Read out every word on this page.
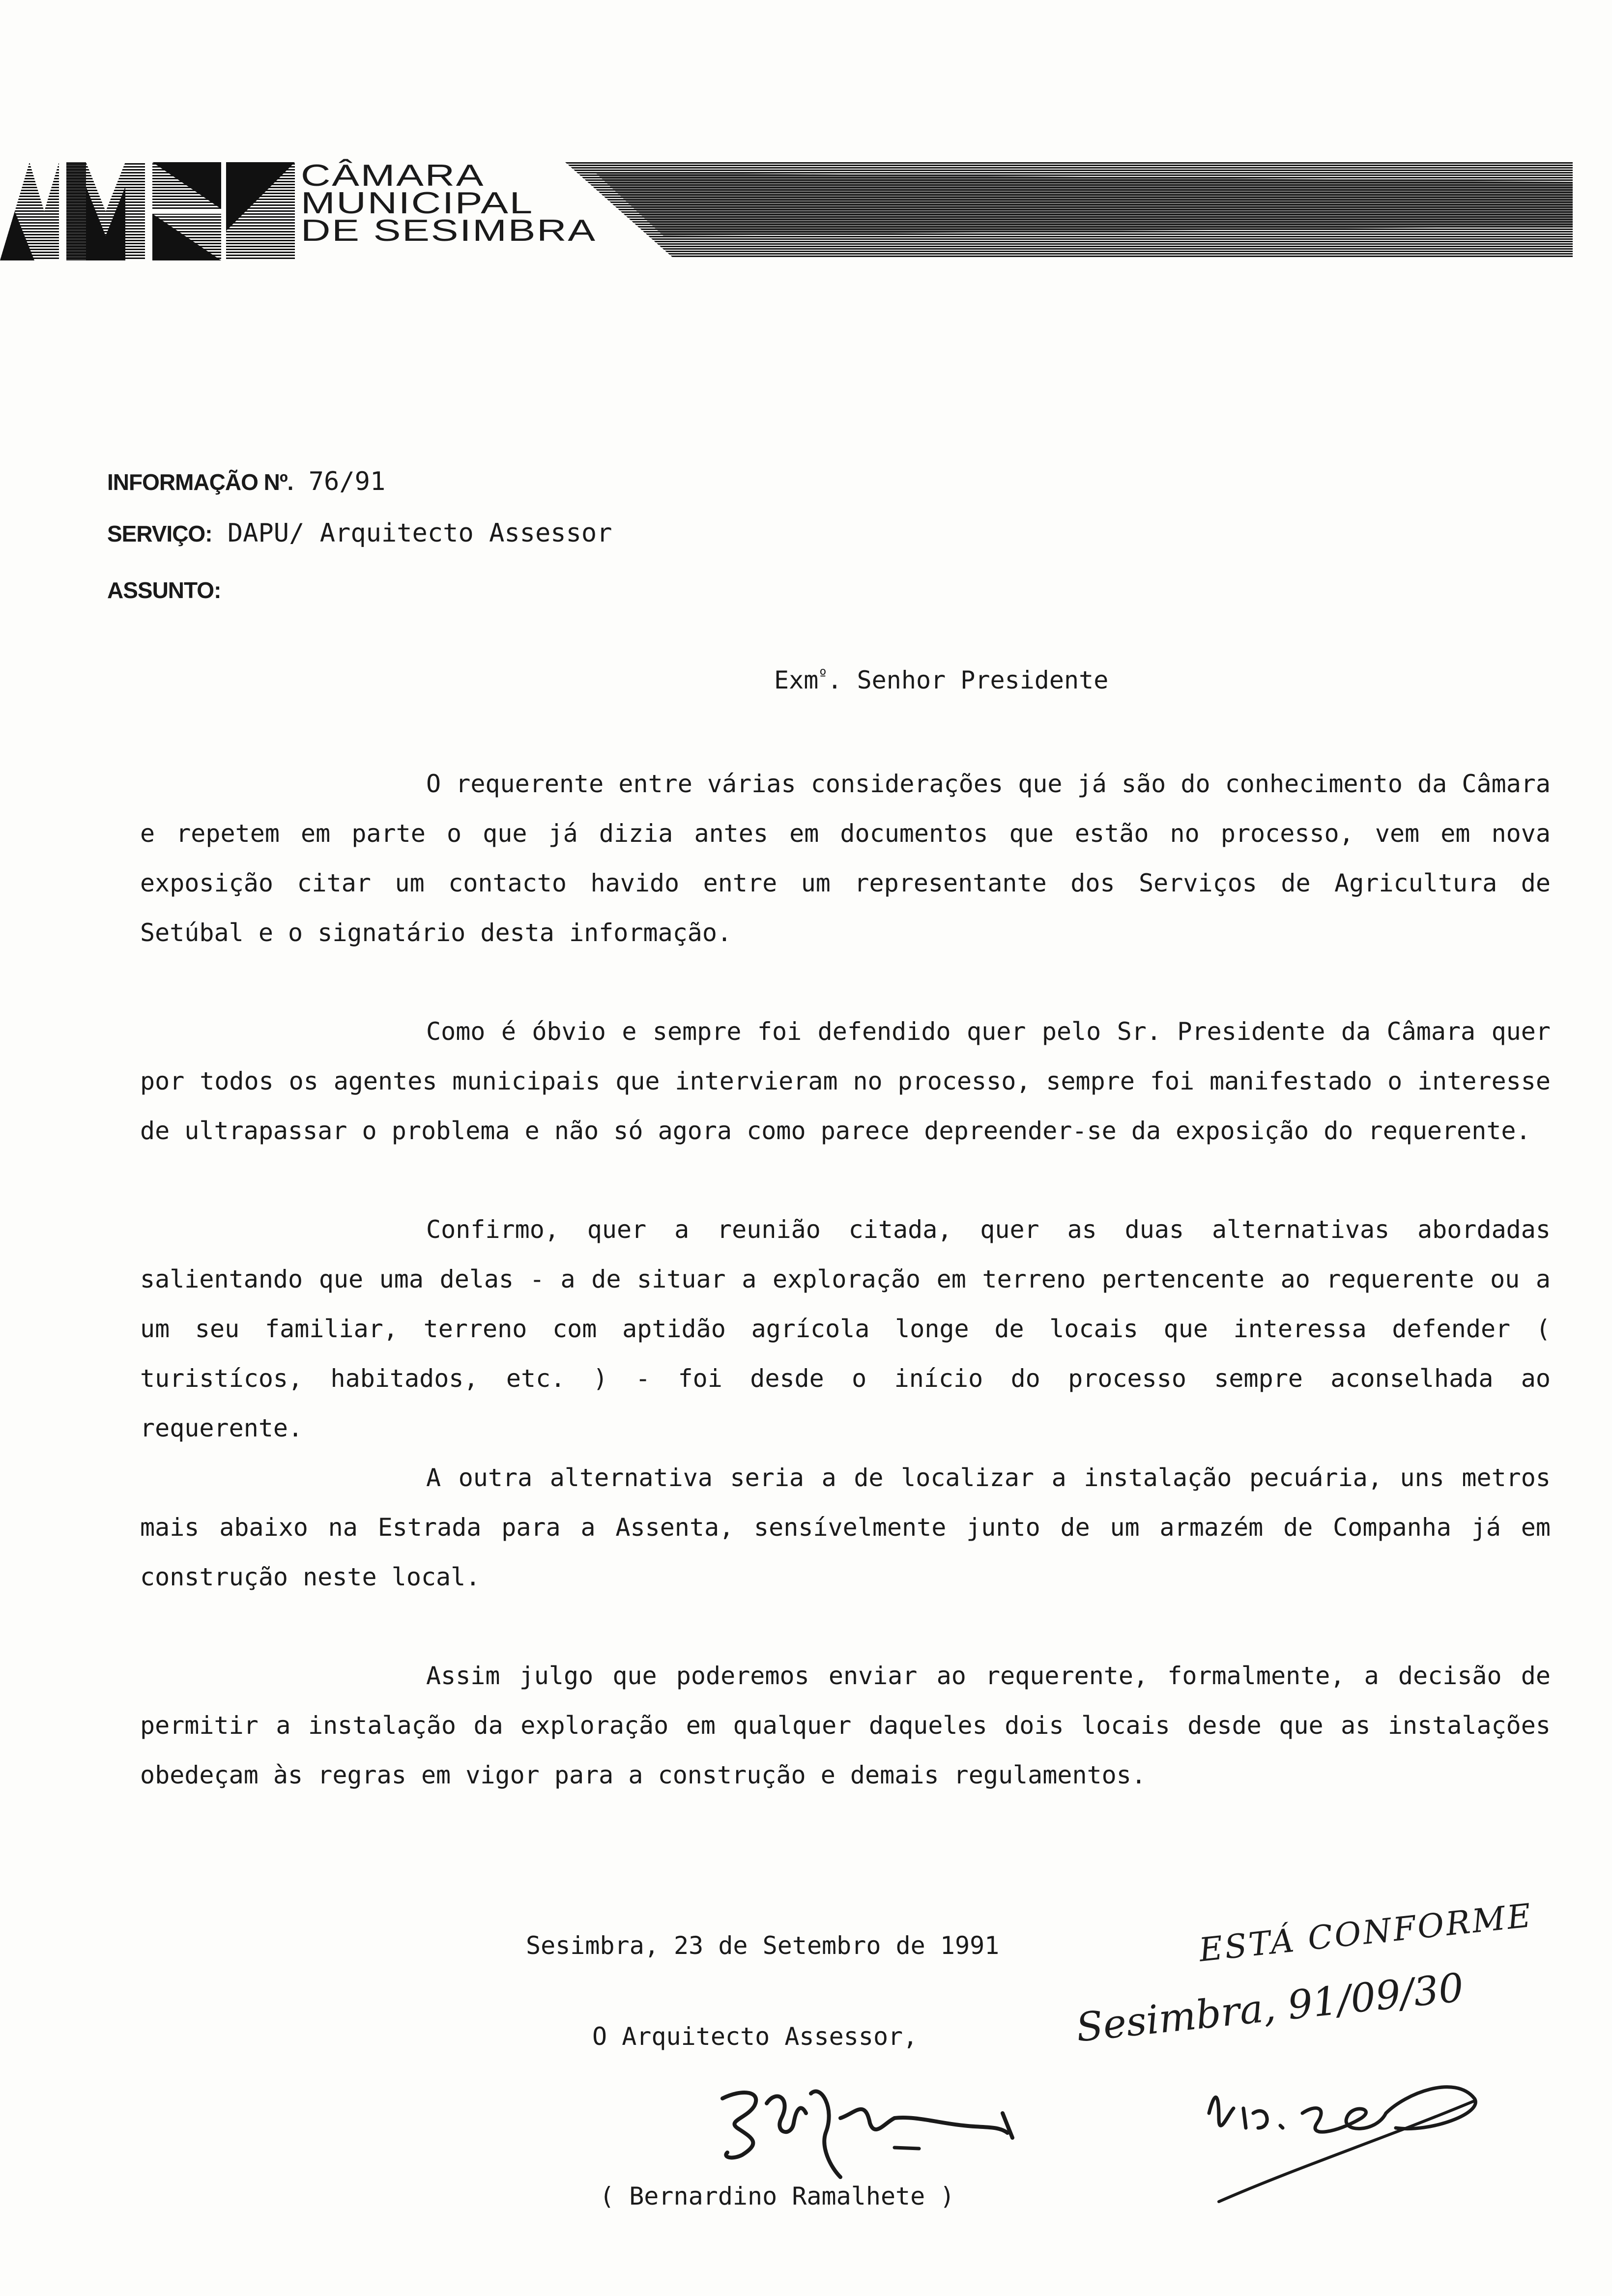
CÂMARA
MUNICIPAL
DE SESIMBRA
INFORMAÇÃO Nº. 76/91
SERVIÇO: DAPU/ Arquitecto Assessor
ASSUNTO:
Exm$^º$. Senhor Presidente

O requerente entre várias considerações que já são do conhecimento da Câmara e repetem em parte o que já dizia antes em documentos que estão no processo, vem em nova exposição citar um contacto havido entre um representante dos Serviços de Agricultura de Setúbal e o signatário desta informação.

Como é óbvio e sempre foi defendido quer pelo Sr. Presidente da Câmara quer por todos os agentes municipais que intervieram no processo, sempre foi manifestado o interesse de ultrapassar o problema e não só agora como parece depreender-se da exposição do requerente.

Confirmo, quer a reunião citada, quer as duas alternativas abordadas salientando que uma delas - a de situar a exploração em terreno pertencente ao requerente ou a um seu familiar, terreno com aptidão agrícola longe de locais que interessa defender ( turistícos, habitados, etc. ) - foi desde o início do processo sempre aconselhada ao requerente.

A outra alternativa seria a de localizar a instalação pecuária, uns metros mais abaixo na Estrada para a Assenta, sensívelmente junto de um armazém de Companha já em construção neste local.

Assim julgo que poderemos enviar ao requerente, formalmente, a decisão de permitir a instalação da exploração em qualquer daqueles dois locais desde que as instalações obedeçam às regras em vigor para a construção e demais regulamentos.

Sesimbra, 23 de Setembro de 1991
O Arquitecto Assessor,
( Bernardino Ramalhete )
ESTÁ CONFORME
Sesimbra, 91/09/30
